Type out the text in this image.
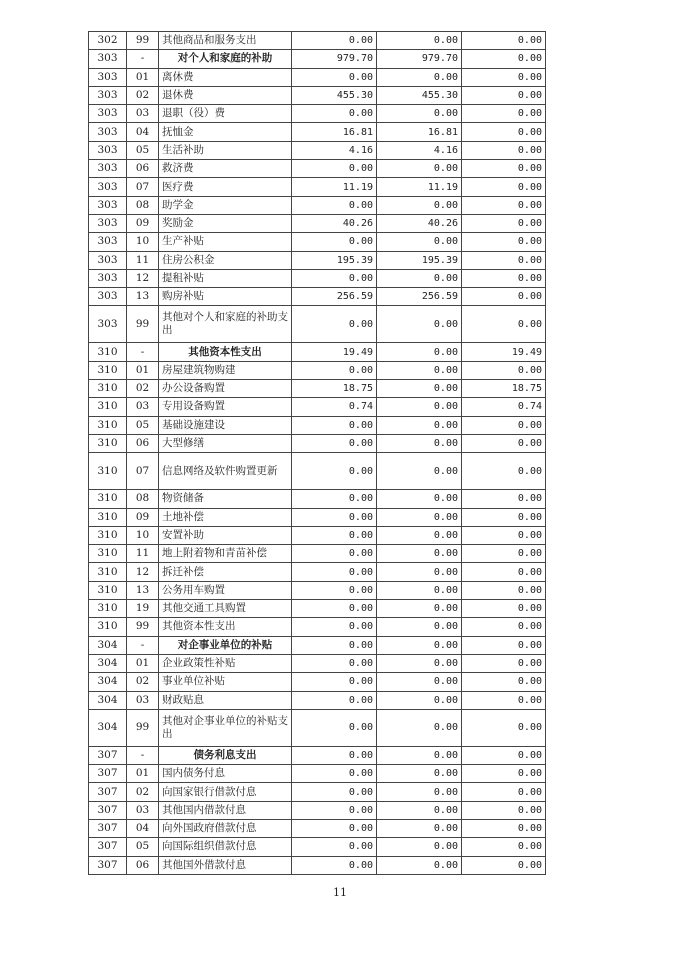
302	99	其他商品和服务支出	0.00	0.00	0.00
303	-	对个人和家庭的补助	979.70	979.70	0.00
303	01	离休费	0.00	0.00	0.00
303	02	退休费	455.30	455.30	0.00
303	03	退职（役）费	0.00	0.00	0.00
303	04	抚恤金	16.81	16.81	0.00
303	05	生活补助	4.16	4.16	0.00
303	06	救济费	0.00	0.00	0.00
303	07	医疗费	11.19	11.19	0.00
303	08	助学金	0.00	0.00	0.00
303	09	奖励金	40.26	40.26	0.00
303	10	生产补贴	0.00	0.00	0.00
303	11	住房公积金	195.39	195.39	0.00
303	12	提租补贴	0.00	0.00	0.00
303	13	购房补贴	256.59	256.59	0.00
303	99	其他对个人和家庭的补助支出	0.00	0.00	0.00
310	-	其他资本性支出	19.49	0.00	19.49
310	01	房屋建筑物购建	0.00	0.00	0.00
310	02	办公设备购置	18.75	0.00	18.75
310	03	专用设备购置	0.74	0.00	0.74
310	05	基础设施建设	0.00	0.00	0.00
310	06	大型修缮	0.00	0.00	0.00
310	07	信息网络及软件购置更新	0.00	0.00	0.00
310	08	物资储备	0.00	0.00	0.00
310	09	土地补偿	0.00	0.00	0.00
310	10	安置补助	0.00	0.00	0.00
310	11	地上附着物和青苗补偿	0.00	0.00	0.00
310	12	拆迁补偿	0.00	0.00	0.00
310	13	公务用车购置	0.00	0.00	0.00
310	19	其他交通工具购置	0.00	0.00	0.00
310	99	其他资本性支出	0.00	0.00	0.00
304	-	对企事业单位的补贴	0.00	0.00	0.00
304	01	企业政策性补贴	0.00	0.00	0.00
304	02	事业单位补贴	0.00	0.00	0.00
304	03	财政贴息	0.00	0.00	0.00
304	99	其他对企事业单位的补贴支出	0.00	0.00	0.00
307	-	债务利息支出	0.00	0.00	0.00
307	01	国内债务付息	0.00	0.00	0.00
307	02	向国家银行借款付息	0.00	0.00	0.00
307	03	其他国内借款付息	0.00	0.00	0.00
307	04	向外国政府借款付息	0.00	0.00	0.00
307	05	向国际组织借款付息	0.00	0.00	0.00
307	06	其他国外借款付息	0.00	0.00	0.00
11
